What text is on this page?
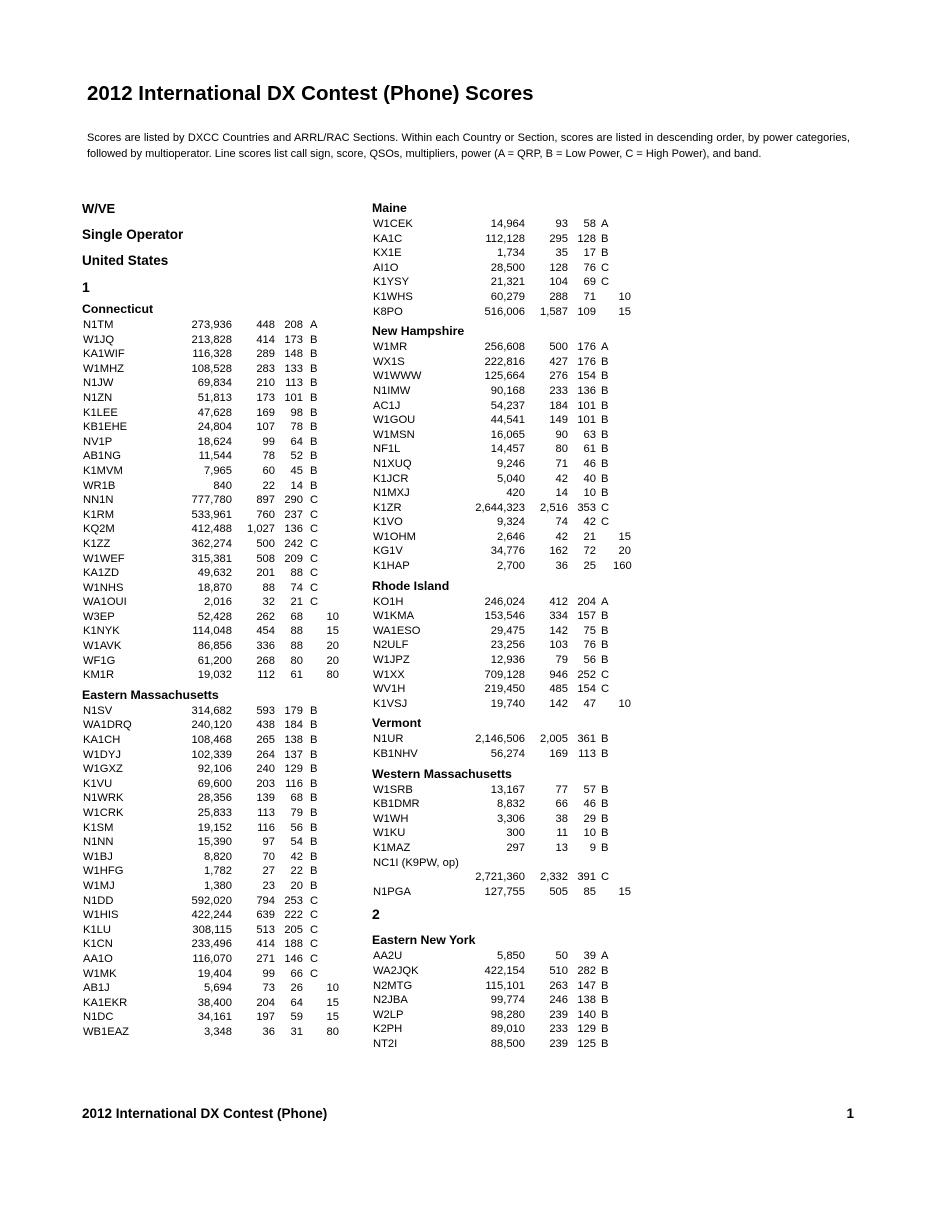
2012 International DX Contest (Phone) Scores
Scores are listed by DXCC Countries and ARRL/RAC Sections. Within each Country or Section, scores are listed in descending order, by power categories, followed by multioperator. Line scores list call sign, score, QSOs, multipliers, power (A = QRP, B = Low Power, C = High Power), and band.
W/VE
Single Operator
United States
1
Connecticut
N1TM	273,936	448 208 A
W1JQ	213,828	414 173 B
KA1WIF	116,328	289 148 B
W1MHZ	108,528	283 133 B
N1JW	69,834	210 113 B
N1ZN	51,813	173 101 B
K1LEE	47,628	169	98 B
KB1EHE	24,804	107	78 B
NV1P	18,624	99	64 B
AB1NG	11,544	78	52 B
K1MVM	7,965	60	45 B
WR1B	840	22	14 B
NN1N	777,780	897 290 C
K1RM	533,961	760 237 C
KQ2M	412,488	1,027 136 C
K1ZZ	362,274	500 242 C
W1WEF	315,381	508 209 C
KA1ZD	49,632	201	88 C
W1NHS	18,870	88	74 C
WA1OUI	2,016	32	21 C
W3EP	52,428	262	68	10
K1NYK	114,048	454	88	15
W1AVK	86,856	336	88	20
WF1G	61,200	268	80	20
KM1R	19,032	112	61	80
Eastern Massachusetts
N1SV	314,682	593 179 B
WA1DRQ	240,120	438 184 B
KA1CH	108,468	265 138 B
W1DYJ	102,339	264 137 B
W1GXZ	92,106	240 129 B
K1VU	69,600	203 116 B
N1WRK	28,356	139	68 B
W1CRK	25,833	113	79 B
K1SM	19,152	116	56 B
N1NN	15,390	97	54 B
W1BJ	8,820	70	42 B
W1HFG	1,782	27	22 B
W1MJ	1,380	23	20 B
N1DD	592,020	794 253 C
W1HIS	422,244	639 222 C
K1LU	308,115	513 205 C
K1CN	233,496	414 188 C
AA1O	116,070	271 146 C
W1MK	19,404	99	66 C
AB1J	5,694	73	26	10
KA1EKR	38,400	204	64	15
N1DC	34,161	197	59	15
WB1EAZ	3,348	36	31	80
Maine
W1CEK	14,964	93	58 A
KA1C	112,128	295 128 B
KX1E	1,734	35	17 B
AI1O	28,500	128	76 C
K1YSY	21,321	104	69 C
K1WHS	60,279	288	71	10
K8PO	516,006	1,587 109	15
New Hampshire
W1MR	256,608	500 176 A
WX1S	222,816	427 176 B
W1WWW	125,664	276 154 B
N1IMW	90,168	233 136 B
AC1J	54,237	184 101 B
W1GOU	44,541	149 101 B
W1MSN	16,065	90	63 B
NF1L	14,457	80	61 B
N1XUQ	9,246	71	46 B
K1JCR	5,040	42	40 B
N1MXJ	420	14	10 B
K1ZR	2,644,323	2,516 353 C
K1VO	9,324	74	42 C
W1OHM	2,646	42	21	15
KG1V	34,776	162	72	20
K1HAP	2,700	36	25 160
Rhode Island
KO1H	246,024	412 204 A
W1KMA	153,546	334 157 B
WA1ESO	29,475	142	75 B
N2ULF	23,256	103	76 B
W1JPZ	12,936	79	56 B
W1XX	709,128	946 252 C
WV1H	219,450	485 154 C
K1VSJ	19,740	142	47	10
Vermont
N1UR	2,146,506	2,005 361 B
KB1NHV	56,274	169 113 B
Western Massachusetts
W1SRB	13,167	77	57 B
KB1DMR	8,832	66	46 B
W1WH	3,306	38	29 B
W1KU	300	11	10 B
K1MAZ	297	13	9 B
NC1I (K9PW, op)
2,721,360	2,332 391 C
N1PGA	127,755	505	85	15
2
Eastern New York
AA2U	5,850	50	39 A
WA2JQK	422,154	510 282 B
N2MTG	115,101	263 147 B
N2JBA	99,774	246 138 B
W2LP	98,280	239 140 B
K2PH	89,010	233 129 B
NT2I	88,500	239 125 B
2012 International DX Contest (Phone)	1
